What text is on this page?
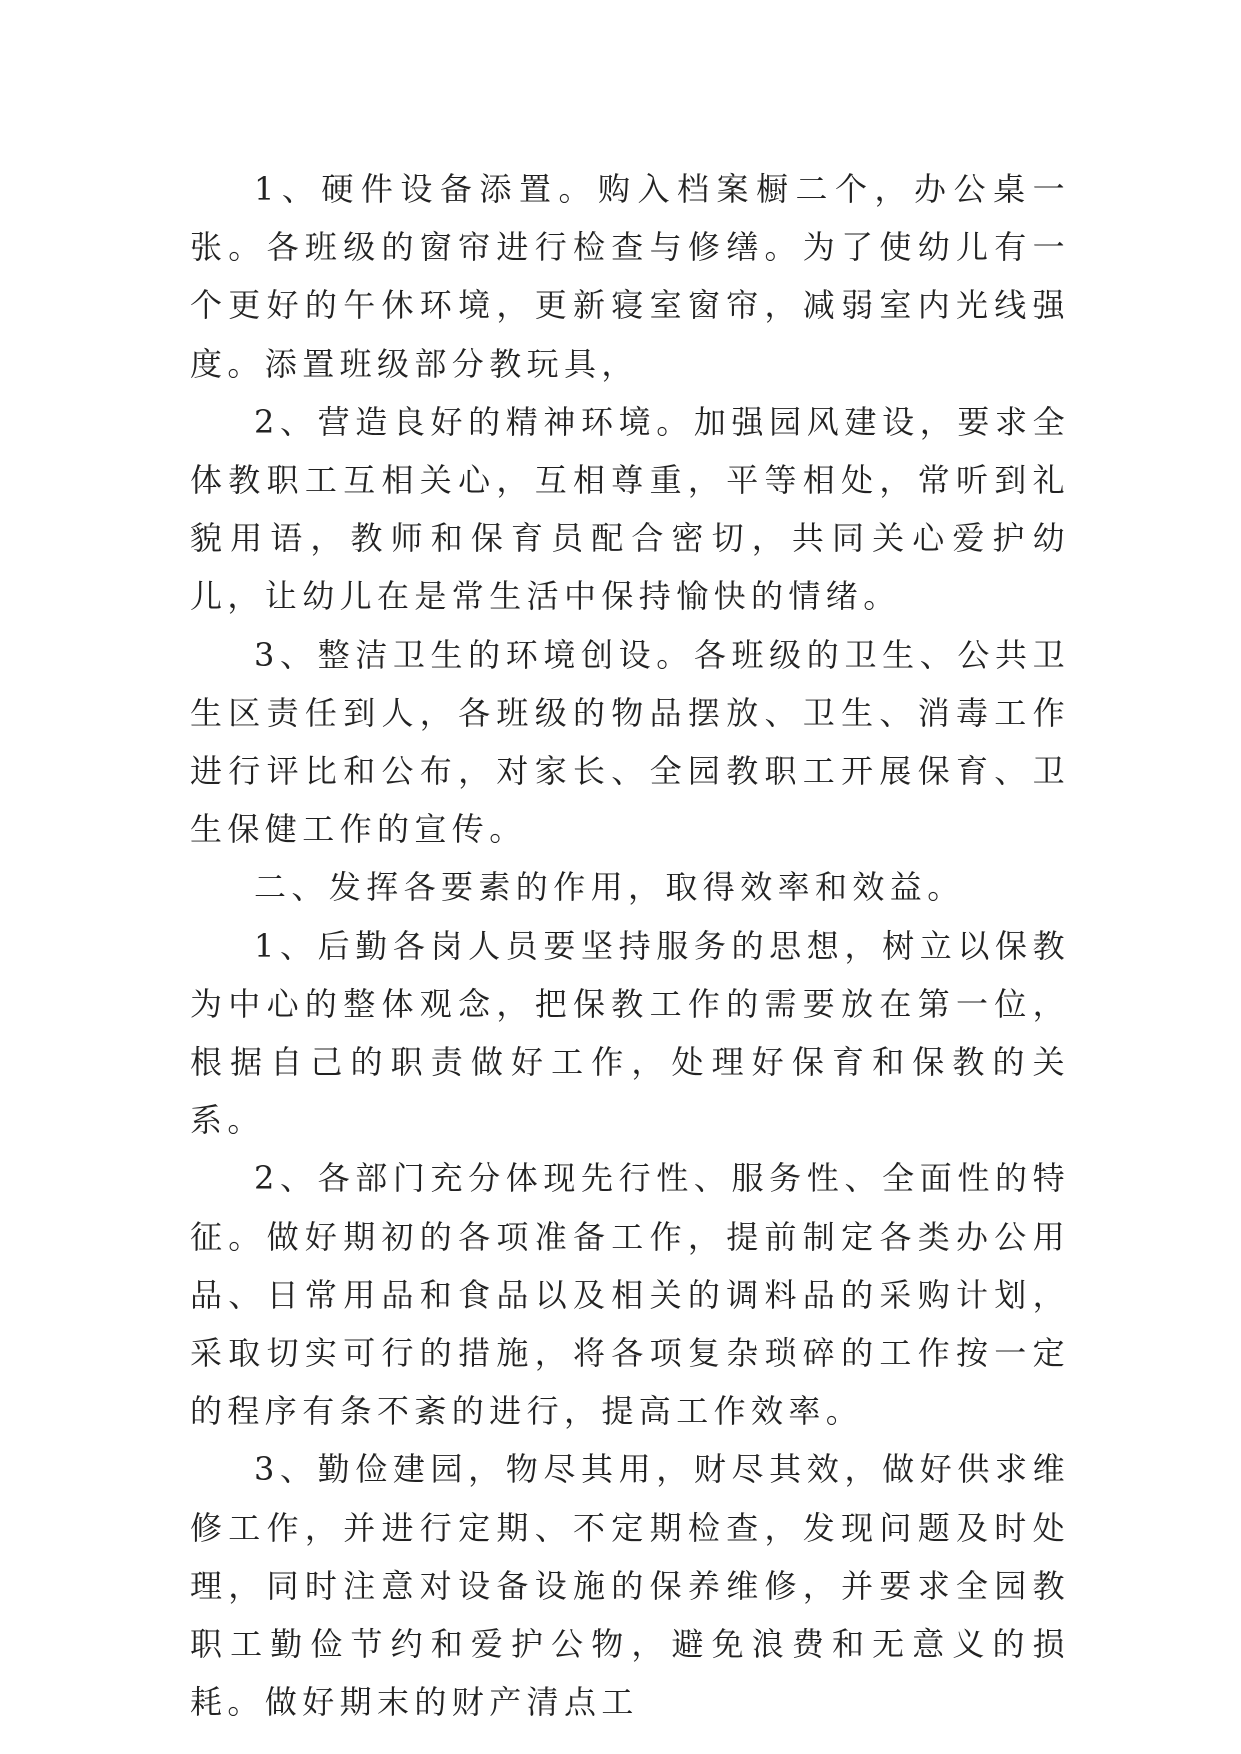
1、硬件设备添置。购入档案橱二个，办公桌一张。各班级的窗帘进行检查与修缮。为了使幼儿有一个更好的午休环境，更新寝室窗帘，减弱室内光线强度。添置班级部分教玩具，

2、营造良好的精神环境。加强园风建设，要求全体教职工互相关心，互相尊重，平等相处，常听到礼貌用语，教师和保育员配合密切，共同关心爱护幼儿，让幼儿在是常生活中保持愉快的情绪。

3、整洁卫生的环境创设。各班级的卫生、公共卫生区责任到人，各班级的物品摆放、卫生、消毒工作进行评比和公布，对家长、全园教职工开展保育、卫生保健工作的宣传。

二、发挥各要素的作用，取得效率和效益。

1、后勤各岗人员要坚持服务的思想，树立以保教为中心的整体观念，把保教工作的需要放在第一位，根据自己的职责做好工作，处理好保育和保教的关系。

2、各部门充分体现先行性、服务性、全面性的特征。做好期初的各项准备工作，提前制定各类办公用品、日常用品和食品以及相关的调料品的采购计划，采取切实可行的措施，将各项复杂琐碎的工作按一定的程序有条不紊的进行，提高工作效率。

3、勤俭建园，物尽其用，财尽其效，做好供求维修工作，并进行定期、不定期检查，发现问题及时处理，同时注意对设备设施的保养维修，并要求全园教职工勤俭节约和爱护公物，避免浪费和无意义的损耗。做好期末的财产清点工
